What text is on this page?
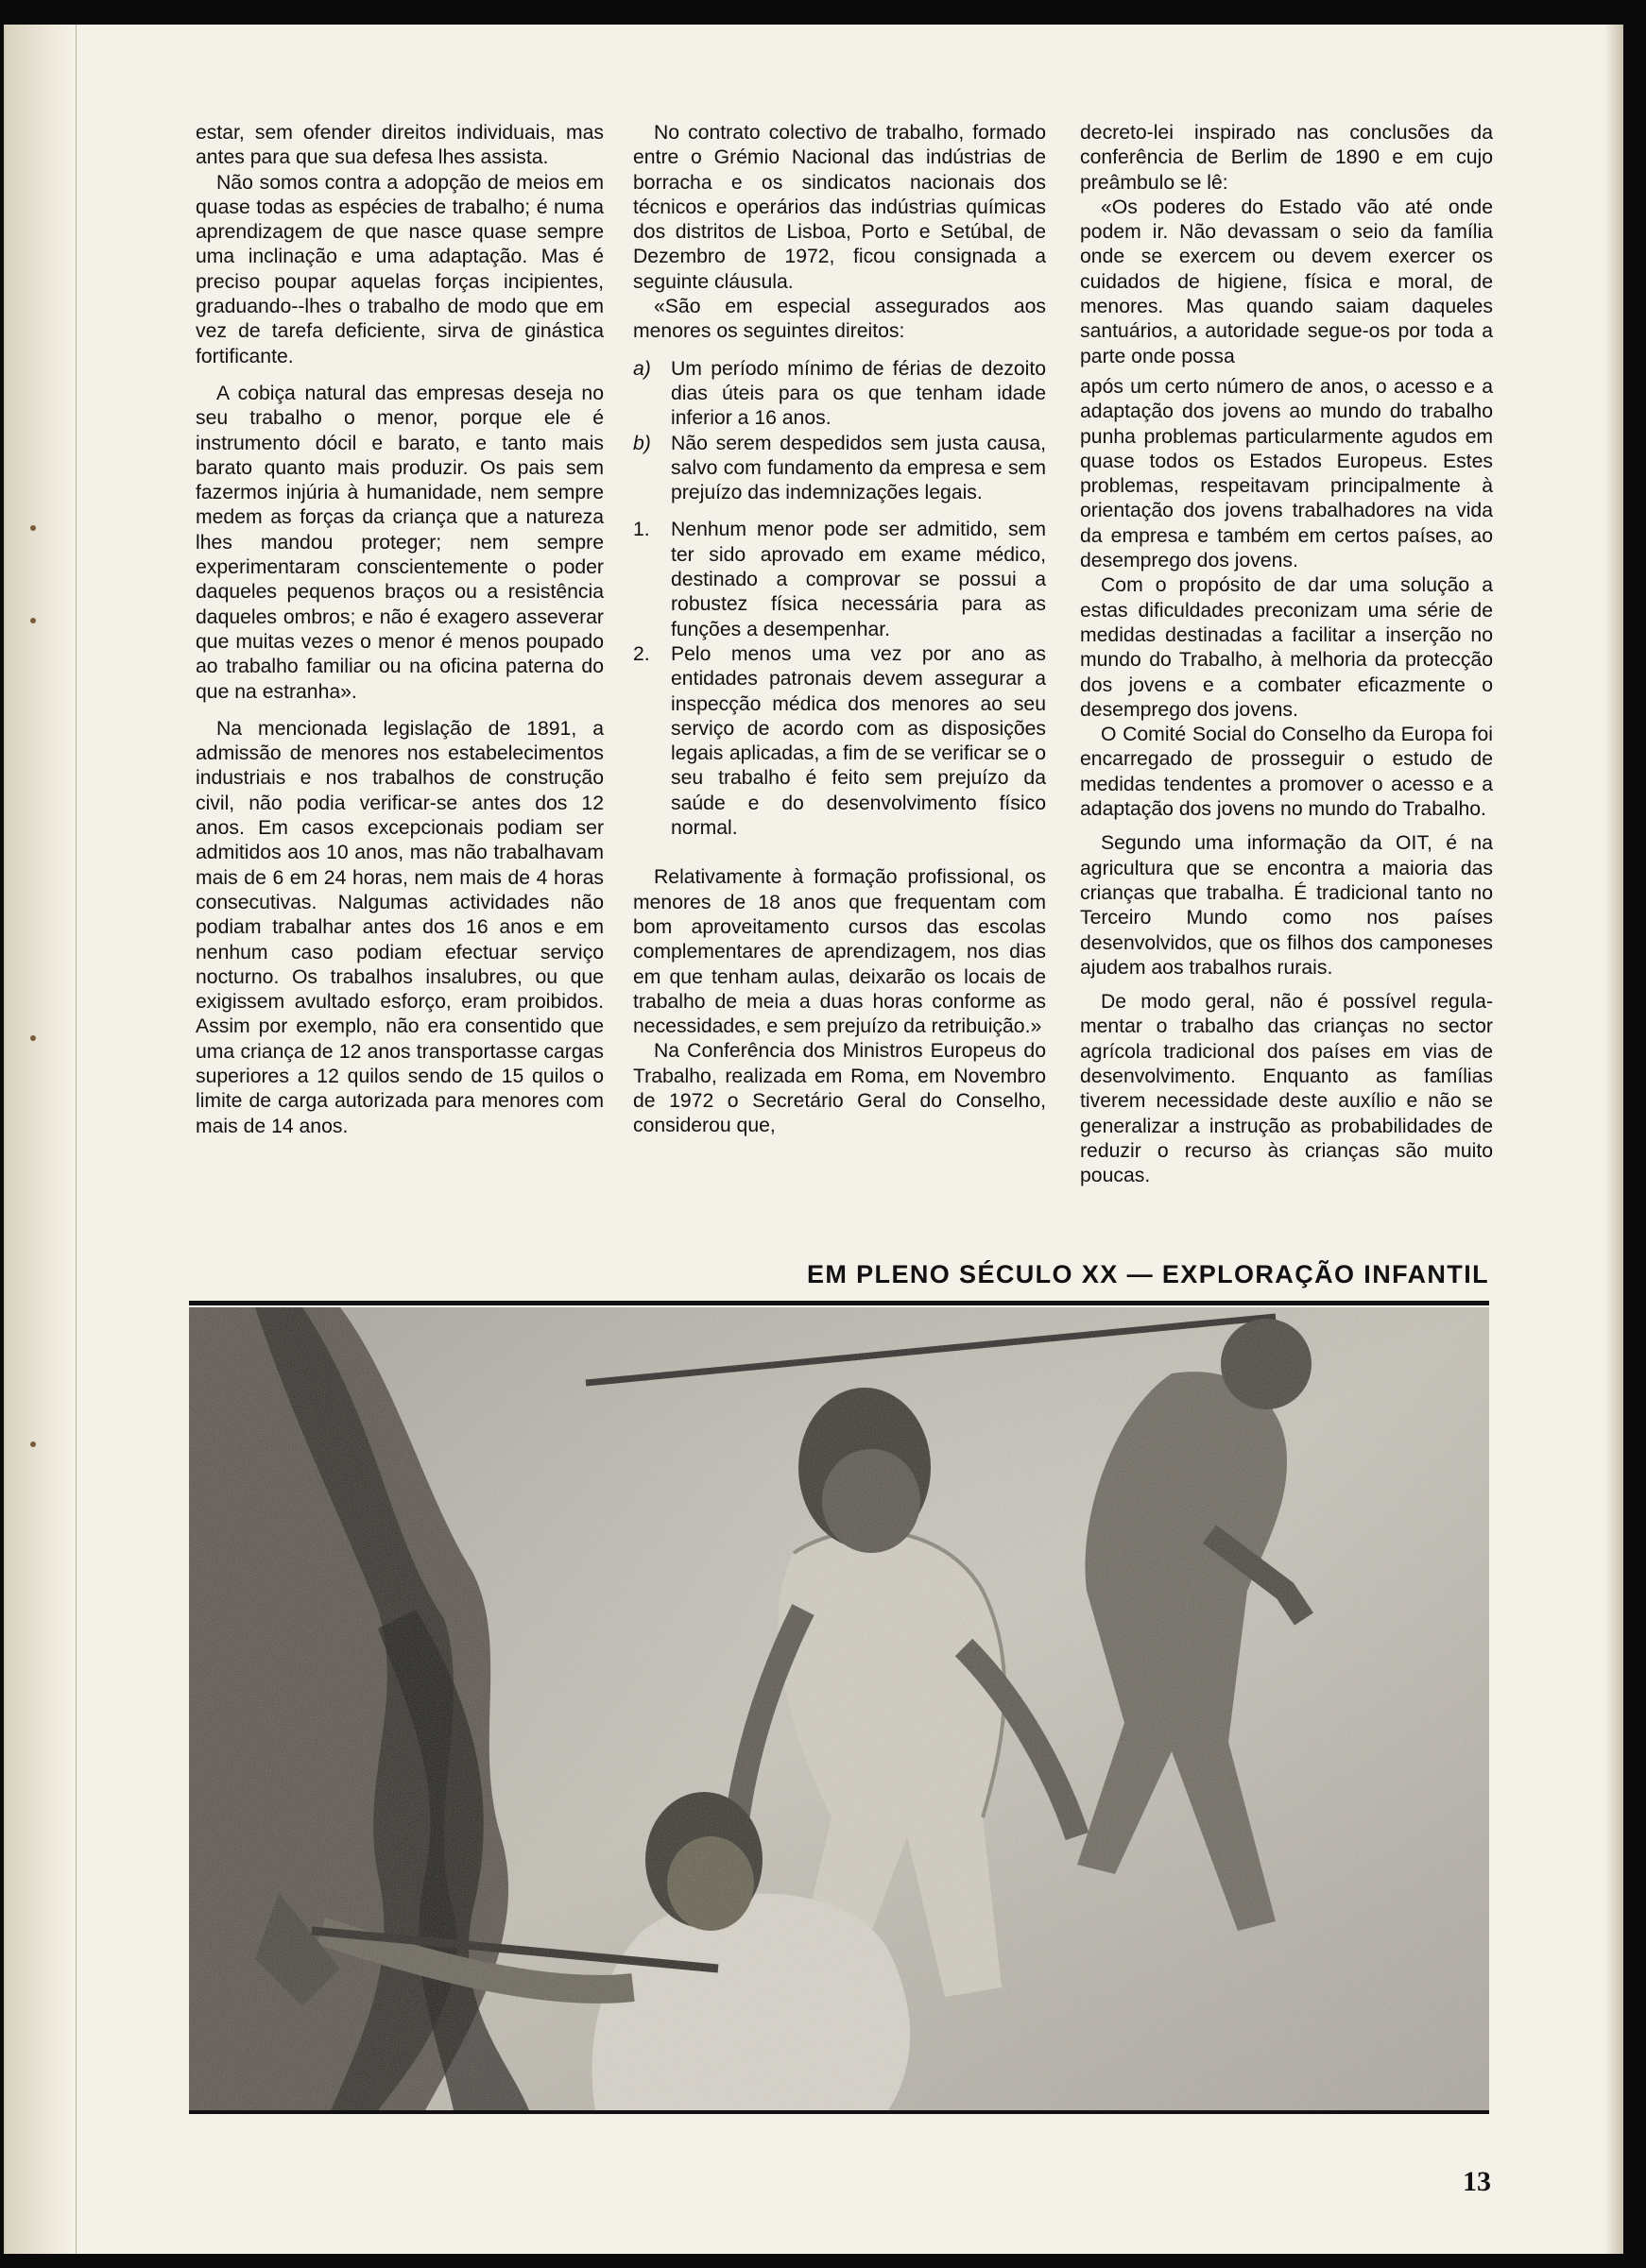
estar, sem ofender direitos individuais, mas antes para que sua defesa lhes assista.

Não somos contra a adopção de meios em quase todas as espécies de trabalho; é numa aprendizagem de que nasce quase sempre uma inclinação e uma adaptação. Mas é preciso poupar aquelas forças incipientes, graduando--lhes o trabalho de modo que em vez de tarefa deficiente, sirva de ginástica fortificante.

A cobiça natural das empresas deseja no seu trabalho o menor, porque ele é instrumento dócil e barato, e tanto mais barato quanto mais produzir. Os pais sem fazermos injúria à humanidade, nem sempre medem as forças da criança que a natureza lhes mandou proteger; nem sempre experimentaram conscientemente o poder daqueles pequenos braços ou a resistência daqueles ombros; e não é exagero asseverar que muitas vezes o menor é menos poupado ao trabalho familiar ou na oficina paterna do que na estranha».

Na mencionada legislação de 1891, a admissão de menores nos estabelecimentos industriais e nos trabalhos de construção civil, não podia verificar-se antes dos 12 anos. Em casos excepcionais podiam ser admitidos aos 10 anos, mas não trabalhavam mais de 6 em 24 horas, nem mais de 4 horas consecutivas. Nalgumas actividades não podiam trabalhar antes dos 16 anos e em nenhum caso podiam efectuar serviço nocturno. Os trabalhos insalubres, ou que exigissem avultado esforço, eram proibidos. Assim por exemplo, não era consentido que uma criança de 12 anos transportasse cargas superiores a 12 quilos sendo de 15 quilos o limite de carga autorizada para menores com mais de 14 anos.

No contrato colectivo de trabalho, formado entre o Grémio Nacional das indústrias de borracha e os sindicatos nacionais dos técnicos e operários das indústrias químicas dos distritos de Lisboa, Porto e Setúbal, de Dezembro de 1972, ficou consignada a seguinte cláusula.

«São em especial assegurados aos menores os seguintes direitos:

a) Um período mínimo de férias de dezoito dias úteis para os que tenham idade inferior a 16 anos.
b) Não serem despedidos sem justa causa, salvo com fundamento da empresa e sem prejuízo das indemnizações legais.
1.	Nenhum menor pode ser admitido, sem ter sido aprovado em exame médico, destinado a comprovar se possui a robustez física necessária para as funções a desempenhar.
2.	Pelo menos uma vez por ano as entidades patronais devem assegurar a inspecção médica dos menores ao seu serviço de acordo com as disposições legais aplicadas, a fim de se verificar se o seu trabalho é feito sem prejuízo da saúde e do desenvolvimento físico normal.

Relativamente à formação profissional, os menores de 18 anos que frequentam com bom aproveitamento cursos das escolas complementares de aprendizagem, nos dias em que tenham aulas, deixarão os locais de trabalho de meia a duas horas conforme as necessidades, e sem prejuízo da retribuição.»

Na Conferência dos Ministros Europeus do Trabalho, realizada em Roma, em Novembro de 1972 o Secretário Geral do Conselho, considerou que,

decreto-lei inspirado nas conclusões da conferência de Berlim de 1890 e em cujo preâmbulo se lê:

«Os poderes do Estado vão até onde podem ir. Não devassam o seio da família onde se exercem ou devem exercer os cuidados de higiene, física e moral, de menores. Mas quando saiam daqueles santuários, a autoridade segue-os por toda a parte onde possa

após um certo número de anos, o acesso e a adaptação dos jovens ao mundo do trabalho punha problemas particularmente agudos em quase todos os Estados Europeus. Estes problemas, respeitavam principalmente à orientação dos jovens trabalhadores na vida da empresa e também em certos países, ao desemprego dos jovens.

Com o propósito de dar uma solução a estas dificuldades preconizam uma série de medidas destinadas a facilitar a inserção no mundo do Trabalho, à melhoria da protecção dos jovens e a combater eficazmente o desemprego dos jovens.

O Comité Social do Conselho da Europa foi encarregado de prosseguir o estudo de medidas tendentes a promover o acesso e a adaptação dos jovens no mundo do Trabalho.

Segundo uma informação da OIT, é na agricultura que se encontra a maioria das crianças que trabalha. É tradicional tanto no Terceiro Mundo como nos países desenvolvidos, que os filhos dos camponeses ajudem aos trabalhos rurais.

De modo geral, não é possível regulamentar o trabalho das crianças no sector agrícola tradicional dos países em vias de desenvolvimento. Enquanto as famílias tiverem necessidade deste auxílio e não se generalizar a instrução as probabilidades de reduzir o recurso às crianças são muito poucas.

EM PLENO SÉCULO XX — EXPLORAÇÃO INFANTIL
13
